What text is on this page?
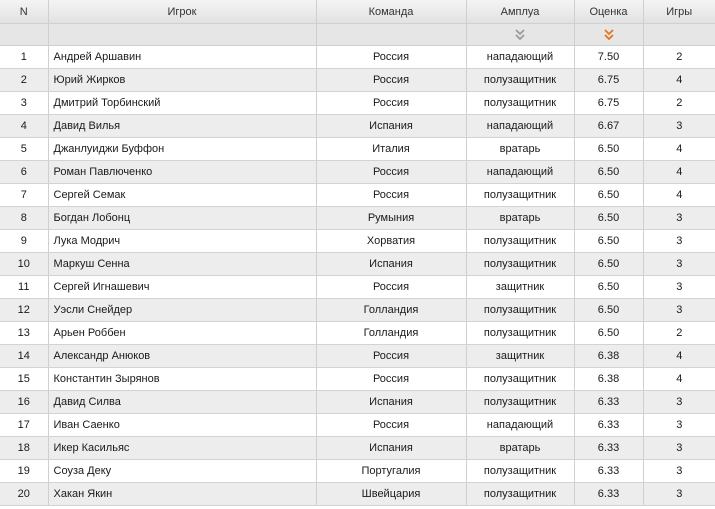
N	Игрок	Команда	Амплуа	Оценка	Игры

1	Андрей Аршавин	Россия	нападающий	7.50	2
2	Юрий Жирков	Россия	полузащитник	6.75	4
3	Дмитрий Торбинский	Россия	полузащитник	6.75	2
4	Давид Вилья	Испания	нападающий	6.67	3
5	Джанлуиджи Буффон	Италия	вратарь	6.50	4
6	Роман Павлюченко	Россия	нападающий	6.50	4
7	Сергей Семак	Россия	полузащитник	6.50	4
8	Богдан Лобонц	Румыния	вратарь	6.50	3
9	Лука Модрич	Хорватия	полузащитник	6.50	3
10	Маркуш Сенна	Испания	полузащитник	6.50	3
11	Сергей Игнашевич	Россия	защитник	6.50	3
12	Уэсли Снейдер	Голландия	полузащитник	6.50	3
13	Арьен Роббен	Голландия	полузащитник	6.50	2
14	Александр Анюков	Россия	защитник	6.38	4
15	Константин Зырянов	Россия	полузащитник	6.38	4
16	Давид Силва	Испания	полузащитник	6.33	3
17	Иван Саенко	Россия	нападающий	6.33	3
18	Икер Касильяс	Испания	вратарь	6.33	3
19	Соуза Деку	Португалия	полузащитник	6.33	3
20	Хакан Якин	Швейцария	полузащитник	6.33	3
